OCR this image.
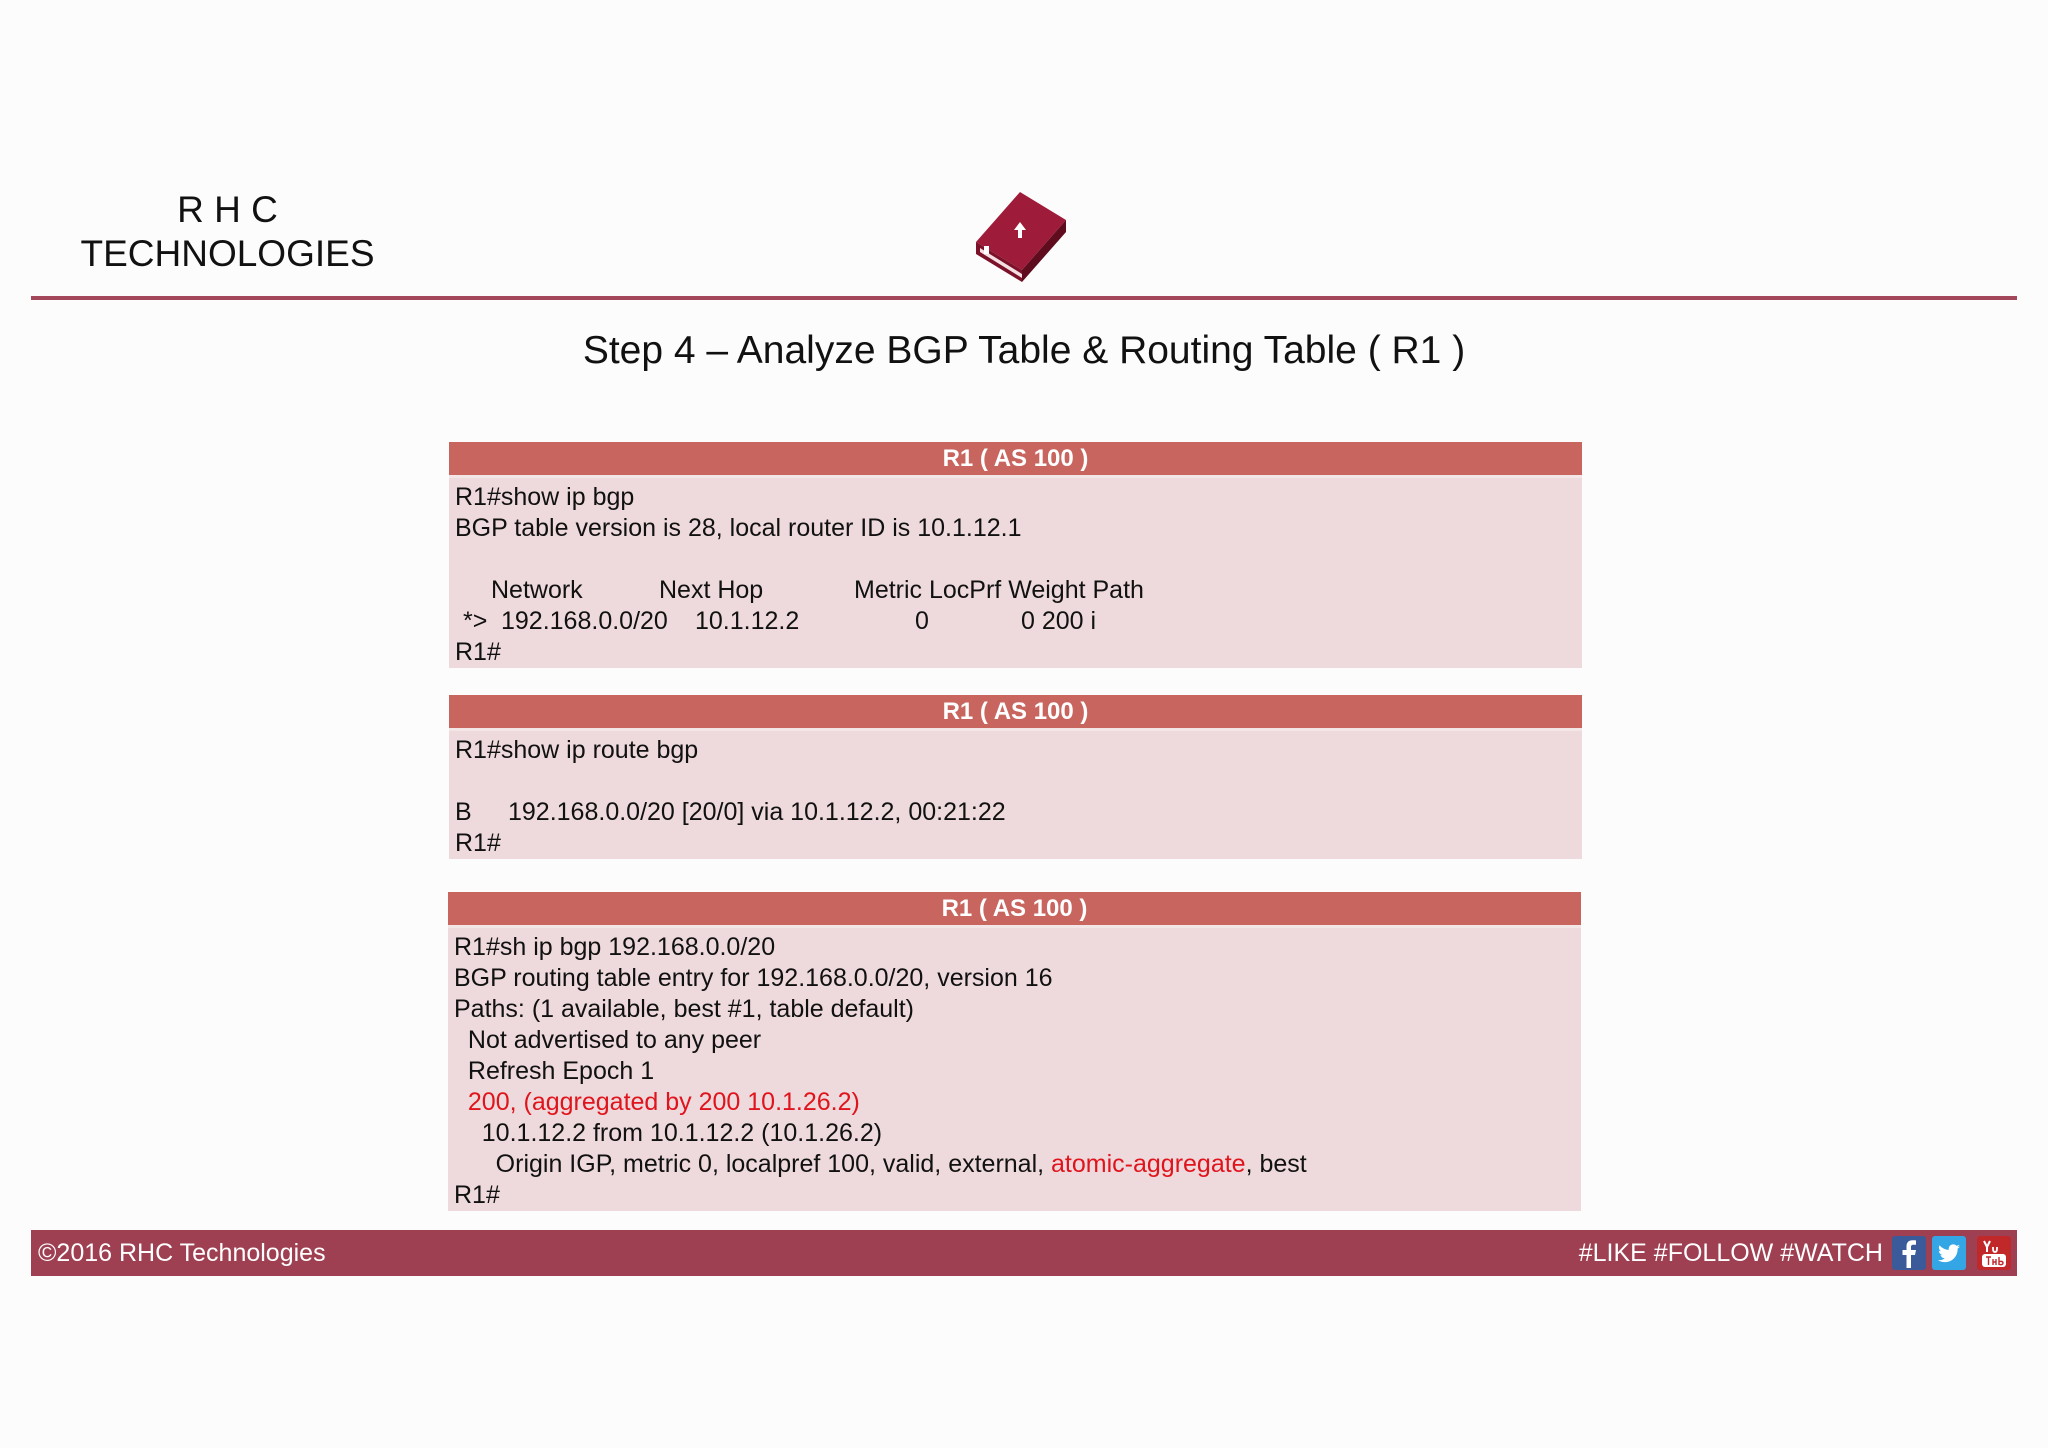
R H C
TECHNOLOGIES
Step 4 – Analyze BGP Table & Routing Table ( R1 )
R1 ( AS 100 )
R1#show ip bgp
BGP table version is 28, local router ID is 10.1.12.1
Network	Next Hop	Metric LocPrf Weight Path
*> 192.168.0.0/20 10.1.12.2	0	0 200 i
R1#
R1 ( AS 100 )
R1#show ip route bgp
B 192.168.0.0/20 [20/0] via 10.1.12.2, 00:21:22
R1#
R1 ( AS 100 )
R1#sh ip bgp 192.168.0.0/20
BGP routing table entry for 192.168.0.0/20, version 16
Paths: (1 available, best #1, table default)
Not advertised to any peer
Refresh Epoch 1
200, (aggregated by 200 10.1.26.2)
10.1.12.2 from 10.1.12.2 (10.1.26.2)
Origin IGP, metric 0, localpref 100, valid, external, atomic-aggregate, best
R1#
©2016 RHC Technologies	#LIKE #FOLLOW #WATCH
